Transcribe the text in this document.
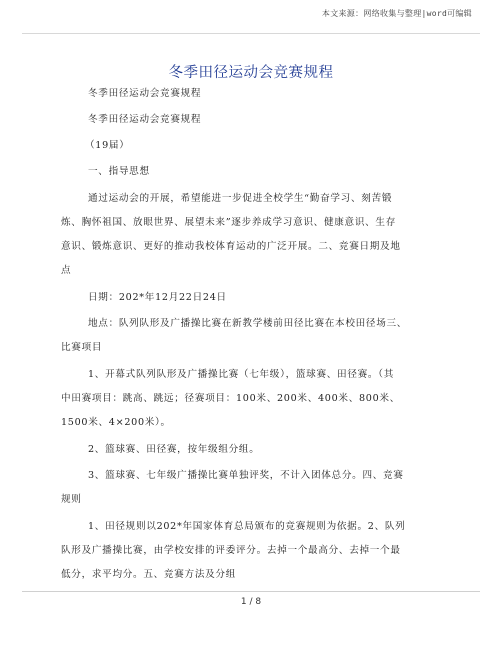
本文来源：网络收集与整理|word可编辑
冬季田径运动会竞赛规程
冬季田径运动会竞赛规程
冬季田径运动会竞赛规程
（19届）
一、指导思想
通过运动会的开展，希望能进一步促进全校学生“勤奋学习、刻苦锻
炼、胸怀祖国、放眼世界、展望未来”逐步养成学习意识、健康意识、生存
意识、锻炼意识、更好的推动我校体育运动的广泛开展。二、竞赛日期及地
点
日期：202*年12月22日24日
地点：队列队形及广播操比赛在新教学楼前田径比赛在本校田径场三、
比赛项目
1、开幕式队列队形及广播操比赛（七年级），篮球赛、田径赛。（其
中田赛项目：跳高、跳远；径赛项目：100米、200米、400米、800米、
1500米、4×200米）。
2、篮球赛、田径赛，按年级组分组。
3、篮球赛、七年级广播操比赛单独评奖，不计入团体总分。四、竞赛
规则
1、田径规则以202*年国家体育总局颁布的竞赛规则为依据。2、队列
队形及广播操比赛，由学校安排的评委评分。去掉一个最高分、去掉一个最
低分，求平均分。五、竞赛方法及分组
1 / 8
